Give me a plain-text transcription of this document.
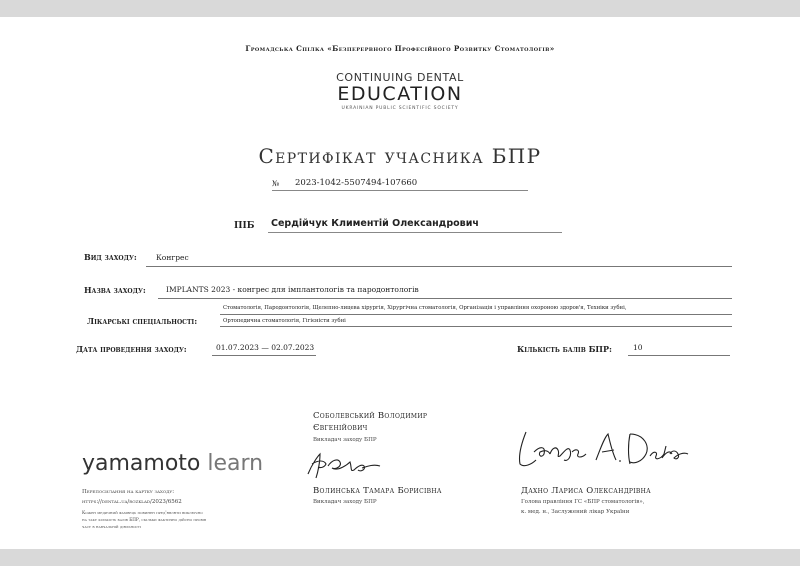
Громадська Спілка «Безперервного Професійного Розвитку Стоматологів»
CONTINUING DENTAL
EDUCATION
UKRAINIAN PUBLIC SCIENTIFIC SOCIETY
Сертифікат учасника БПР
№ 2023-1042-5507494-107660
ПІБ Сердійчук Климентій Олександрович
Вид заходу:	Конгрес
Назва заходу:	IMPLANTS 2023 - конгрес для імплантологів та пародонтологів
Лікарські спеціальності:
Стоматологія, Пародонтологія, Щелепно-лицева хірургія, Хірургічна стоматологія, Організація і управління охороною здоров'я, Техніки зубні,
Ортопедична стоматологія, Гігієністи зубні
Дата проведення заходу:	01.07.2023 — 02.07.2023	Кількість балів БПР:	10
Соболевський Володимир
Євгенійович
Викладач заходу БПР
Волинська Тамара Борисівна
Викладач заходу БПР
Дахно Лариса Олександрівна
Голова правління ГС «БПР стоматологів»,
к. мед. н., Заслужений лікар України
yamamoto learn
Перепосилання на картку заходу:
https://dental.ua/rozklad/2023/6562
Кожен медичний фахівець повинен пред'являти виключно
на таку кількість балів БПР, скільки фактично дійсно провів
часу в навчальній діяльності
